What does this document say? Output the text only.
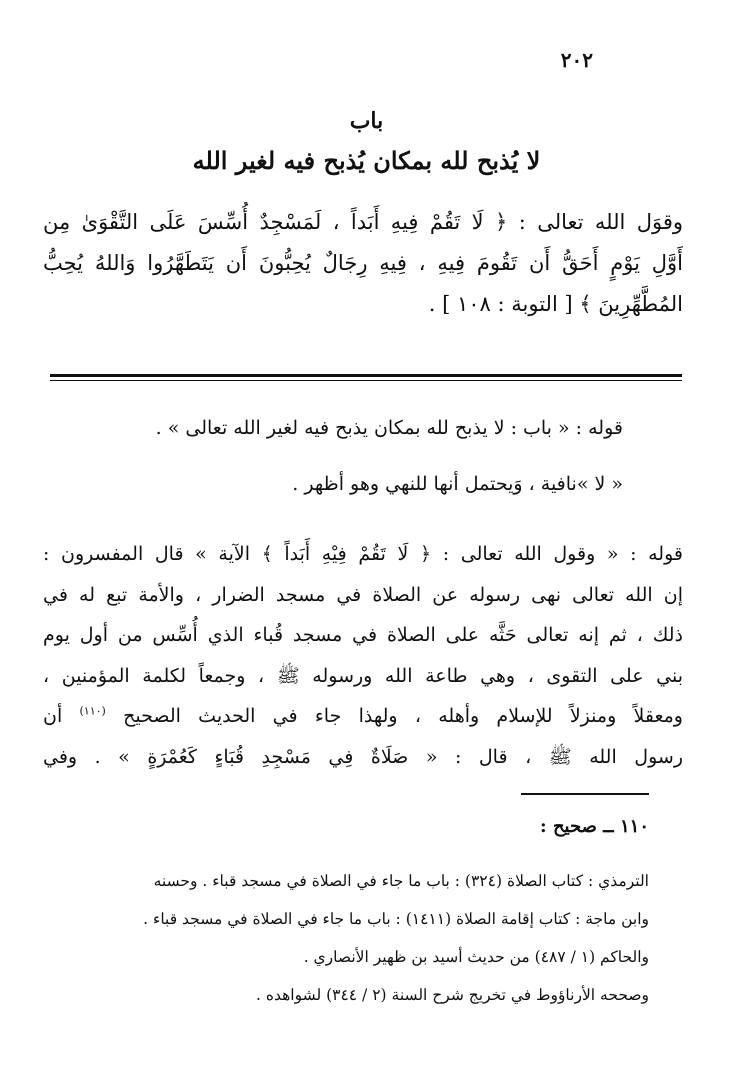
٢٠٢
باب
لا يُذبح لله بمكان يُذبح فيه لغير الله
وقوَل الله تعالى : ﴿ لَا تَقُمْ فِيهِ أَبَداً ، لَمَسْجِدٌ أُسِّسَ عَلَى التَّقْوَىٰ مِن
أَوَّلِ يَوْمٍ أَحَقُّ أَن تَقُومَ فِيهِ ، فِيهِ رِجَالٌ يُحِبُّونَ أَن يَتَطَهَّرُوا وَاللهُ يُحِبُّ
المُطَّهِّرِينَ ﴾ [ التوبة : ١٠٨ ] .
قوله : « باب : لا يذبح لله بمكان يذبح فيه لغير الله تعالى » .
« لا »نافية ، وَيحتمل أنها للنهي وهو أظهر .
قوله : « وقول الله تعالى : ﴿ لَا تَقُمْ فِيْهِ أَبَداً ﴾ الآية » قال المفسرون :
إن الله تعالى نهى رسوله عن الصلاة في مسجد الضرار ، والأمة تبع له في
ذلك ، ثم إنه تعالى حَثَّه على الصلاة في مسجد قُباء الذي أُسِّس من أول يوم
بني على التقوى ، وهي طاعة الله ورسوله ﷺ ، وجمعاً لكلمة المؤمنين ،
ومعقلاً ومنزلاً للإسلام وأهله ، ولهذا جاء في الحديث الصحيح $^{(١١٠)}$ أن
رسول الله ﷺ ، قال : « صَلَاةٌ فِي مَسْجِدِ قُبَاءٍ كَعُمْرَةٍ » . وفي
١١٠ ــ صحيح :
الترمذي : كتاب الصلاة (٣٢٤) : باب ما جاء في الصلاة في مسجد قباء . وحسنه
وابن ماجة : كتاب إقامة الصلاة (١٤١١) : باب ما جاء في الصلاة في مسجد قباء .
والحاكم (١ / ٤٨٧) من حديث أسيد بن ظهير الأنصاري .
وصححه الأرناؤوط في تخريج شرح السنة (٢ / ٣٤٤) لشواهده .
